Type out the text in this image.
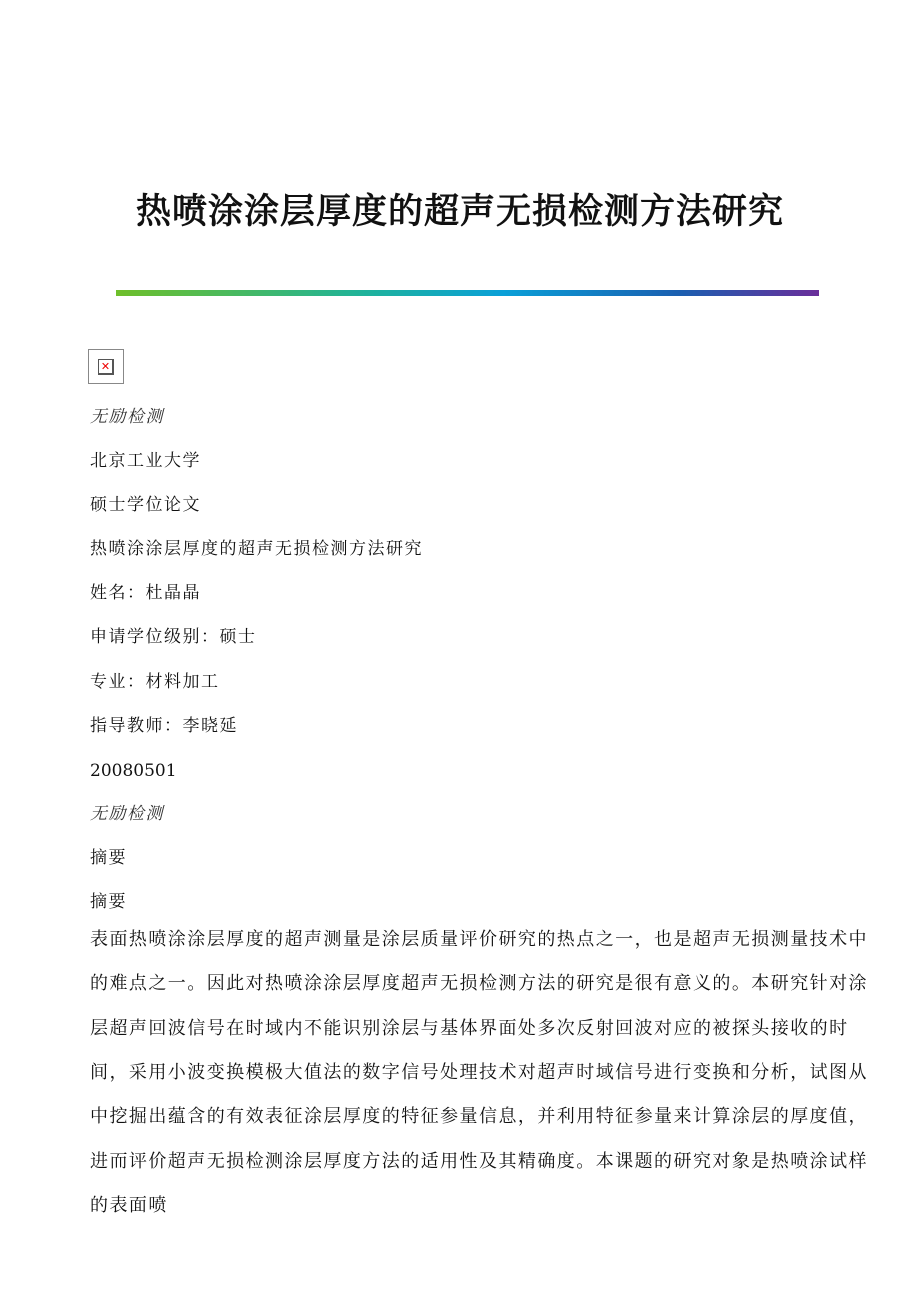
热喷涂涂层厚度的超声无损检测方法研究
✕
无励检测
北京工业大学
硕士学位论文
热喷涂涂层厚度的超声无损检测方法研究
姓名：杜晶晶
申请学位级别：硕士
专业：材料加工
指导教师：李晓延
20080501
无励检测
摘要
摘要
表面热喷涂涂层厚度的超声测量是涂层质量评价研究的热点之一，也是超声无损测量技术中
的难点之一。因此对热喷涂涂层厚度超声无损检测方法的研究是很有意义的。本研究针对涂
层超声回波信号在时域内不能识别涂层与基体界面处多次反射回波对应的被探头接收的时
间，采用小波变换模极大值法的数字信号处理技术对超声时域信号进行变换和分析，试图从
中挖掘出蕴含的有效表征涂层厚度的特征参量信息，并利用特征参量来计算涂层的厚度值，
进而评价超声无损检测涂层厚度方法的适用性及其精确度。本课题的研究对象是热喷涂试样
的表面喷
